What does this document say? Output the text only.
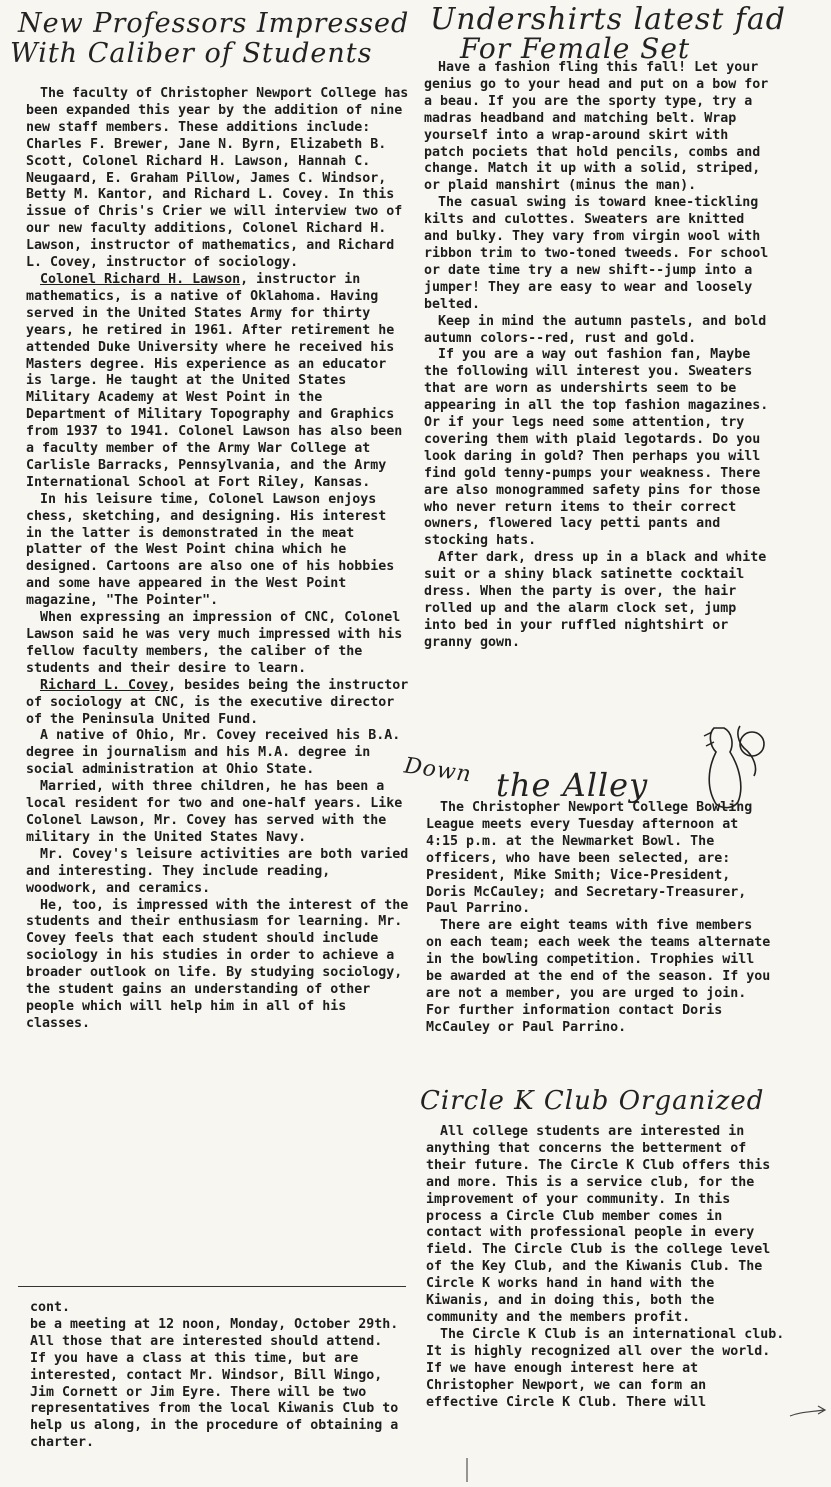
New Professors Impressed
With Caliber of Students
Undershirts latest fad
For Female Set

The faculty of Christopher Newport College has been expanded this year by the addition of nine new staff members. These additions include: Charles F. Brewer, Jane N. Byrn, Elizabeth B. Scott, Colonel Richard H. Lawson, Hannah C. Neugaard, E. Graham Pillow, James C. Windsor, Betty M. Kantor, and Richard L. Covey. In this issue of Chris's Crier we will interview two of our new faculty additions, Colonel Richard H. Lawson, instructor of mathematics, and Richard L. Covey, instructor of sociology.

Colonel Richard H. Lawson, instructor in mathematics, is a native of Oklahoma. Having served in the United States Army for thirty years, he retired in 1961. After retirement he attended Duke University where he received his Masters degree. His experience as an educator is large. He taught at the United States Military Academy at West Point in the Department of Military Topography and Graphics from 1937 to 1941. Colonel Lawson has also been a faculty member of the Army War College at Carlisle Barracks, Pennsylvania, and the Army International School at Fort Riley, Kansas.

In his leisure time, Colonel Lawson enjoys chess, sketching, and designing. His interest in the latter is demonstrated in the meat platter of the West Point china which he designed. Cartoons are also one of his hobbies and some have appeared in the West Point magazine, "The Pointer".

When expressing an impression of CNC, Colonel Lawson said he was very much impressed with his fellow faculty members, the caliber of the students and their desire to learn.

Richard L. Covey, besides being the instructor of sociology at CNC, is the executive director of the Peninsula United Fund.

A native of Ohio, Mr. Covey received his B.A. degree in journalism and his M.A. degree in social administration at Ohio State.

Married, with three children, he has been a local resident for two and one-half years. Like Colonel Lawson, Mr. Covey has served with the military in the United States Navy.

Mr. Covey's leisure activities are both varied and interesting. They include reading, woodwork, and ceramics.

He, too, is impressed with the interest of the students and their enthusiasm for learning. Mr. Covey feels that each student should include sociology in his studies in order to achieve a broader outlook on life. By studying sociology, the student gains an understanding of other people which will help him in all of his classes.

cont.

be a meeting at 12 noon, Monday, October 29th. All those that are interested should attend. If you have a class at this time, but are interested, contact Mr. Windsor, Bill Wingo, Jim Cornett or Jim Eyre. There will be two representatives from the local Kiwanis Club to help us along, in the procedure of obtaining a charter.

Have a fashion fling this fall! Let your genius go to your head and put on a bow for a beau. If you are the sporty type, try a madras headband and matching belt. Wrap yourself into a wrap-around skirt with patch pociets that hold pencils, combs and change. Match it up with a solid, striped, or plaid manshirt (minus the man).

The casual swing is toward knee-tickling kilts and culottes. Sweaters are knitted and bulky. They vary from virgin wool with ribbon trim to two-toned tweeds. For school or date time try a new shift--jump into a jumper! They are easy to wear and loosely belted.

Keep in mind the autumn pastels, and bold autumn colors--red, rust and gold.

If you are a way out fashion fan, Maybe the following will interest you. Sweaters that are worn as undershirts seem to be appearing in all the top fashion magazines. Or if your legs need some attention, try covering them with plaid legotards. Do you look daring in gold? Then perhaps you will find gold tenny-pumps your weakness. There are also monogrammed safety pins for those who never return items to their correct owners, flowered lacy petti pants and stocking hats.

After dark, dress up in a black and white suit or a shiny black satinette cocktail dress. When the party is over, the hair rolled up and the alarm clock set, jump into bed in your ruffled nightshirt or granny gown.

Down the Alley

The Christopher Newport College Bowling League meets every Tuesday afternoon at 4:15 p.m. at the Newmarket Bowl. The officers, who have been selected, are: President, Mike Smith; Vice-President, Doris McCauley; and Secretary-Treasurer, Paul Parrino.

There are eight teams with five members on each team; each week the teams alternate in the bowling competition. Trophies will be awarded at the end of the season. If you are not a member, you are urged to join. For further information contact Doris McCauley or Paul Parrino.

Circle K Club Organized

All college students are interested in anything that concerns the betterment of their future. The Circle K Club offers this and more. This is a service club, for the improvement of your community. In this process a Circle Club member comes in contact with professional people in every field. The Circle Club is the college level of the Key Club, and the Kiwanis Club. The Circle K works hand in hand with the Kiwanis, and in doing this, both the community and the members profit.

The Circle K Club is an international club. It is highly recognized all over the world. If we have enough interest here at Christopher Newport, we can form an effective Circle K Club. There will
